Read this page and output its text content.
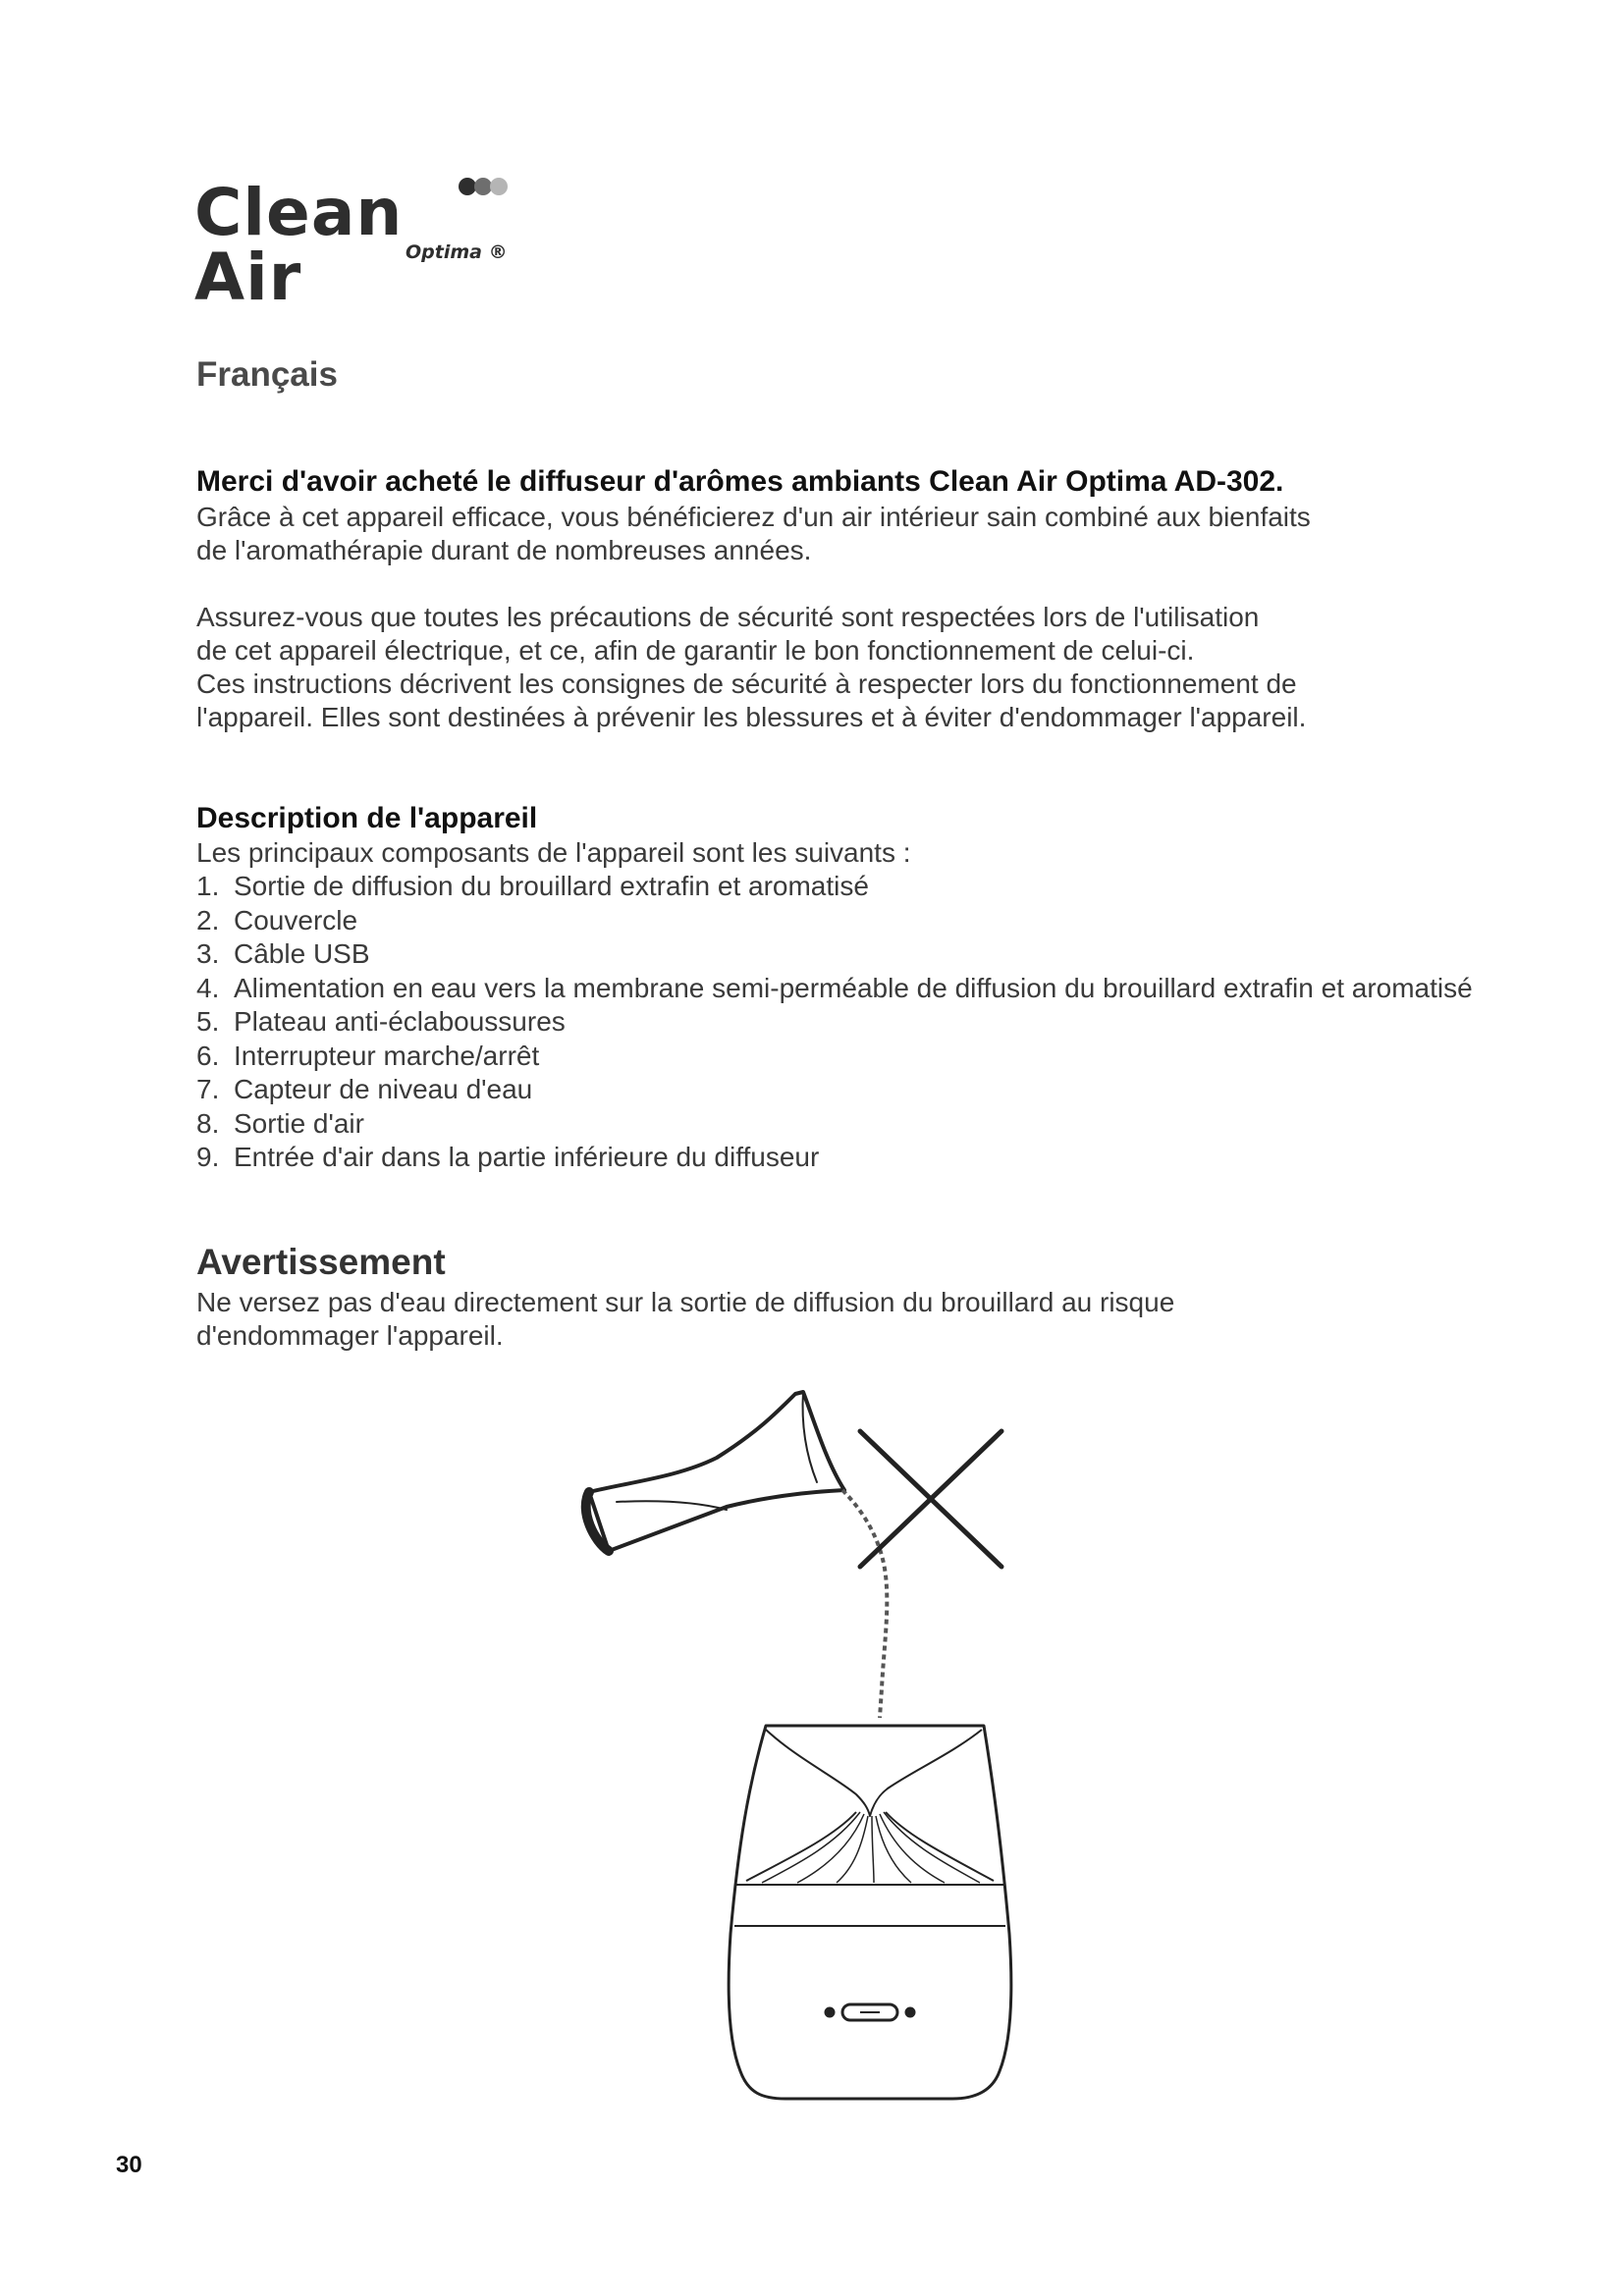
Clean Air	Optima ®
Français
Merci d'avoir acheté le diffuseur d'arômes ambiants Clean Air Optima AD-302.

Grâce à cet appareil efficace, vous bénéficierez d'un air intérieur sain combiné aux bienfaits

de l'aromathérapie durant de nombreuses années.

Assurez-vous que toutes les précautions de sécurité sont respectées lors de l'utilisation

de cet appareil électrique, et ce, afin de garantir le bon fonctionnement de celui-ci.

Ces instructions décrivent les consignes de sécurité à respecter lors du fonctionnement de

l'appareil. Elles sont destinées à prévenir les blessures et à éviter d'endommager l'appareil.

Description de l'appareil
Les principaux composants de l'appareil sont les suivants :
1. Sortie de diffusion du brouillard extrafin et aromatisé
2. Couvercle
3. Câble USB
4. Alimentation en eau vers la membrane semi-perméable de diffusion du brouillard extrafin et aromatisé
5. Plateau anti-éclaboussures
6. Interrupteur marche/arrêt
7. Capteur de niveau d'eau
8. Sortie d'air
9. Entrée d'air dans la partie inférieure du diffuseur
Avertissement

Ne versez pas d'eau directement sur la sortie de diffusion du brouillard au risque

d'endommager l'appareil.

30
